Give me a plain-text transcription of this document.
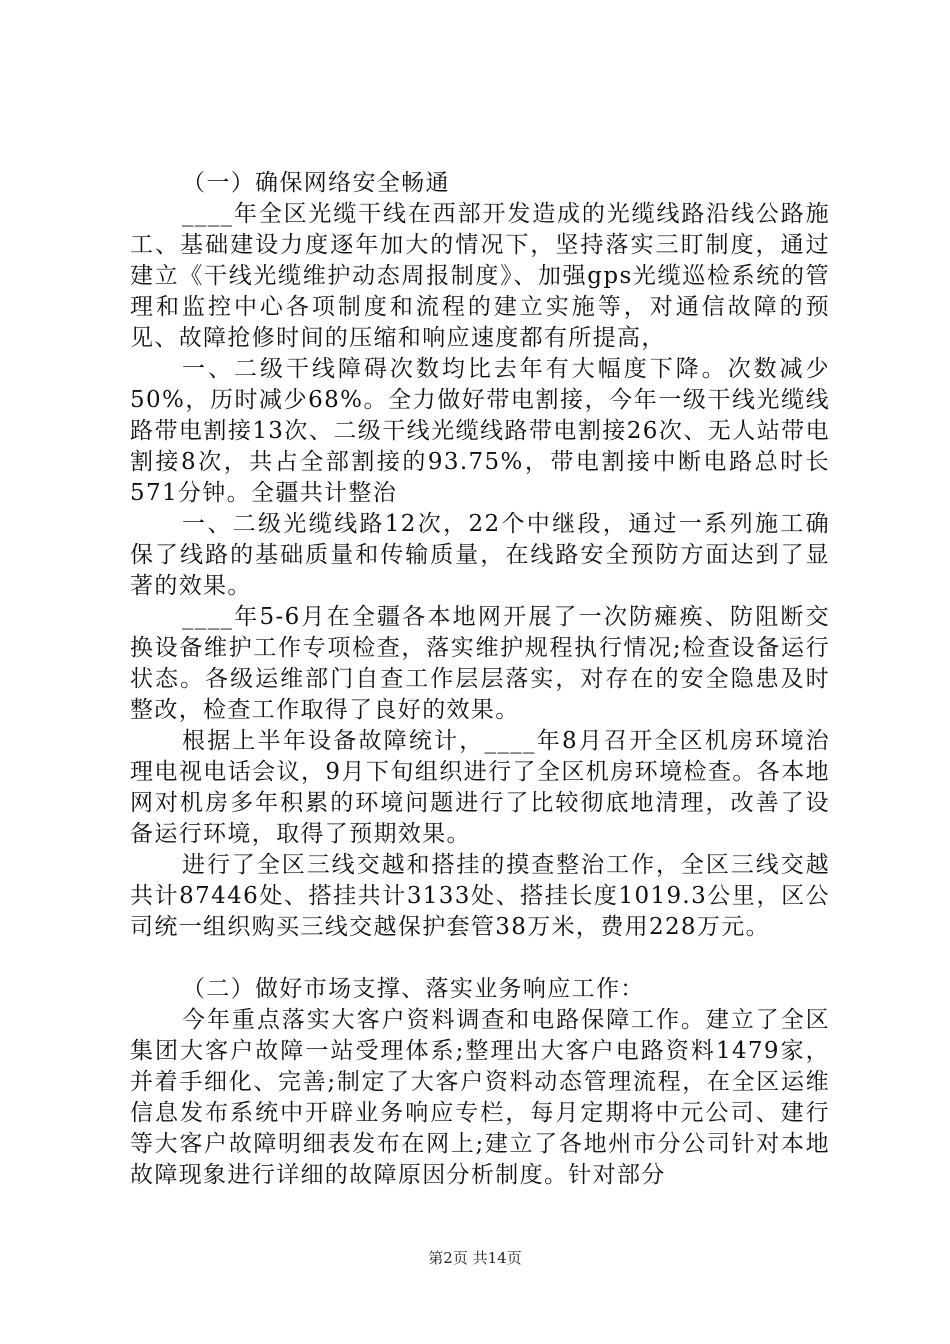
（一）确保网络安全畅通

____年全区光缆干线在西部开发造成的光缆线路沿线公路施工、基础建设力度逐年加大的情况下，坚持落实三盯制度，通过建立《干线光缆维护动态周报制度》、加强gps光缆巡检系统的管理和监控中心各项制度和流程的建立实施等，对通信故障的预见、故障抢修时间的压缩和响应速度都有所提高，

一、二级干线障碍次数均比去年有大幅度下降。次数减少50%，历时减少68%。全力做好带电割接，今年一级干线光缆线路带电割接13次、二级干线光缆线路带电割接26次、无人站带电割接8次，共占全部割接的93.75%，带电割接中断电路总时长571分钟。全疆共计整治

一、二级光缆线路12次，22个中继段，通过一系列施工确保了线路的基础质量和传输质量，在线路安全预防方面达到了显著的效果。

____年5-6月在全疆各本地网开展了一次防瘫痪、防阻断交换设备维护工作专项检查，落实维护规程执行情况;检查设备运行状态。各级运维部门自查工作层层落实，对存在的安全隐患及时整改，检查工作取得了良好的效果。

根据上半年设备故障统计，____年8月召开全区机房环境治理电视电话会议，9月下旬组织进行了全区机房环境检查。各本地网对机房多年积累的环境问题进行了比较彻底地清理，改善了设备运行环境，取得了预期效果。

进行了全区三线交越和搭挂的摸查整治工作，全区三线交越共计87446处、搭挂共计3133处、搭挂长度1019.3公里，区公司统一组织购买三线交越保护套管38万米，费用228万元。

（二）做好市场支撑、落实业务响应工作：

今年重点落实大客户资料调查和电路保障工作。建立了全区集团大客户故障一站受理体系;整理出大客户电路资料1479家，并着手细化、完善;制定了大客户资料动态管理流程，在全区运维信息发布系统中开辟业务响应专栏，每月定期将中元公司、建行等大客户故障明细表发布在网上;建立了各地州市分公司针对本地故障现象进行详细的故障原因分析制度。针对部分

第2页 共14页
